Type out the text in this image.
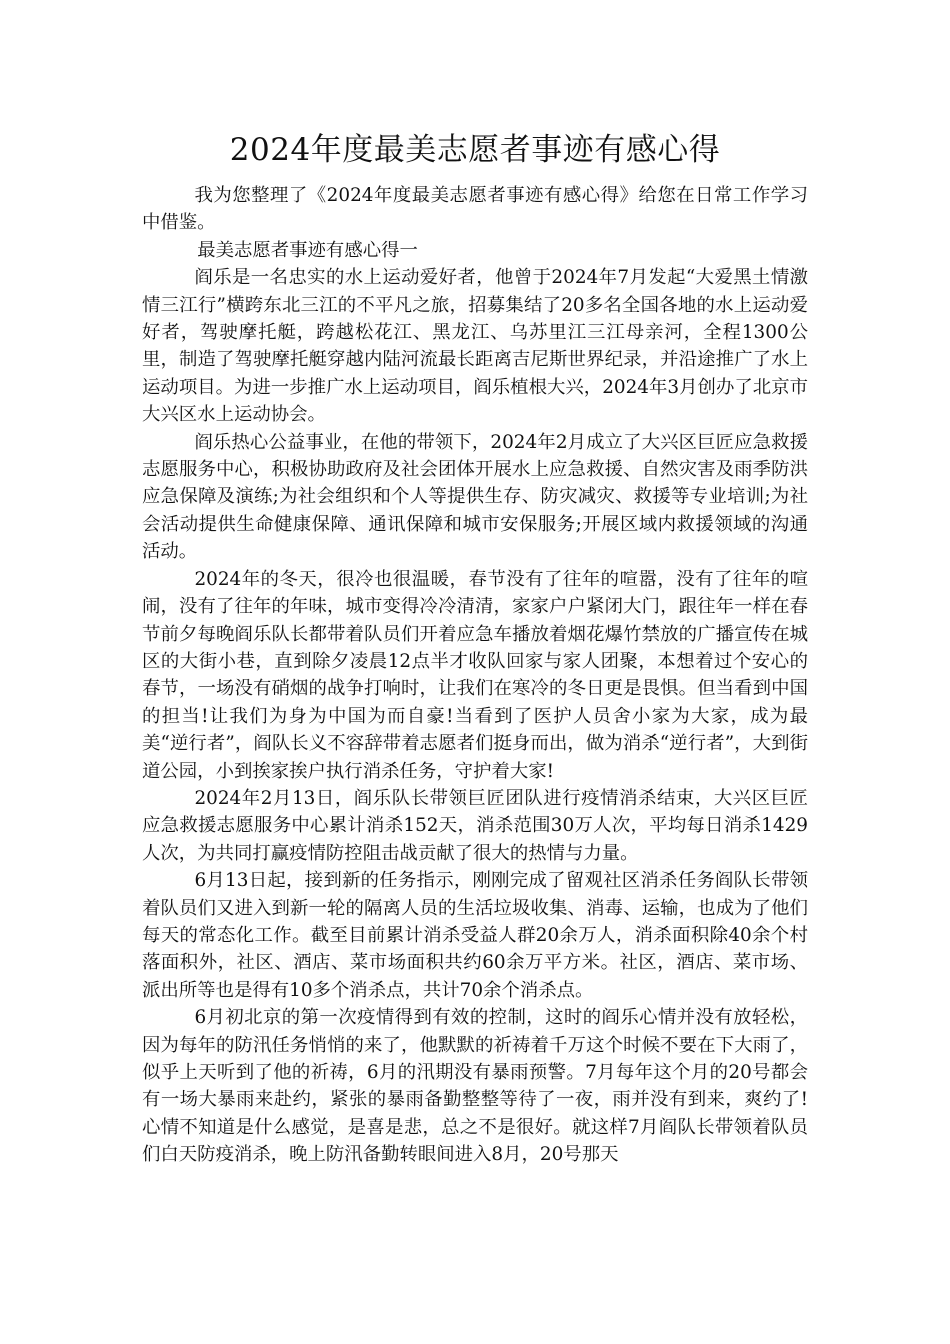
2024年度最美志愿者事迹有感心得

我为您整理了《2024年度最美志愿者事迹有感心得》给您在日常工作学习中借鉴。

最美志愿者事迹有感心得一

阎乐是一名忠实的水上运动爱好者，他曾于2024年7月发起“大爱黑土情激情三江行”横跨东北三江的不平凡之旅，招募集结了20多名全国各地的水上运动爱好者，驾驶摩托艇，跨越松花江、黑龙江、乌苏里江三江母亲河，全程1300公里，制造了驾驶摩托艇穿越内陆河流最长距离吉尼斯世界纪录，并沿途推广了水上运动项目。为进一步推广水上运动项目，阎乐植根大兴，2024年3月创办了北京市大兴区水上运动协会。

阎乐热心公益事业，在他的带领下，2024年2月成立了大兴区巨匠应急救援志愿服务中心，积极协助政府及社会团体开展水上应急救援、自然灾害及雨季防洪应急保障及演练;为社会组织和个人等提供生存、防灾减灾、救援等专业培训;为社会活动提供生命健康保障、通讯保障和城市安保服务;开展区域内救援领域的沟通活动。

2024年的冬天，很冷也很温暖，春节没有了往年的喧嚣，没有了往年的喧闹，没有了往年的年味，城市变得冷冷清清，家家户户紧闭大门，跟往年一样在春节前夕每晚阎乐队长都带着队员们开着应急车播放着烟花爆竹禁放的广播宣传在城区的大街小巷，直到除夕凌晨12点半才收队回家与家人团聚，本想着过个安心的春节，一场没有硝烟的战争打响时，让我们在寒冷的冬日更是畏惧。但当看到中国的担当!让我们为身为中国为而自豪!当看到了医护人员舍小家为大家，成为最美“逆行者”，阎队长义不容辞带着志愿者们挺身而出，做为消杀“逆行者”，大到街道公园，小到挨家挨户执行消杀任务，守护着大家!

2024年2月13日，阎乐队长带领巨匠团队进行疫情消杀结束，大兴区巨匠应急救援志愿服务中心累计消杀152天，消杀范围30万人次，平均每日消杀1429人次，为共同打赢疫情防控阻击战贡献了很大的热情与力量。

6月13日起，接到新的任务指示，刚刚完成了留观社区消杀任务阎队长带领着队员们又进入到新一轮的隔离人员的生活垃圾收集、消毒、运输，也成为了他们每天的常态化工作。截至目前累计消杀受益人群20余万人，消杀面积除40余个村落面积外，社区、酒店、菜市场面积共约60余万平方米。社区，酒店、菜市场、派出所等也是得有10多个消杀点，共计70余个消杀点。

6月初北京的第一次疫情得到有效的控制，这时的阎乐心情并没有放轻松，因为每年的防汛任务悄悄的来了，他默默的祈祷着千万这个时候不要在下大雨了，似乎上天听到了他的祈祷，6月的汛期没有暴雨预警。7月每年这个月的20号都会有一场大暴雨来赴约，紧张的暴雨备勤整整等待了一夜，雨并没有到来，爽约了!心情不知道是什么感觉，是喜是悲，总之不是很好。就这样7月阎队长带领着队员们白天防疫消杀，晚上防汛备勤转眼间进入8月，20号那天
